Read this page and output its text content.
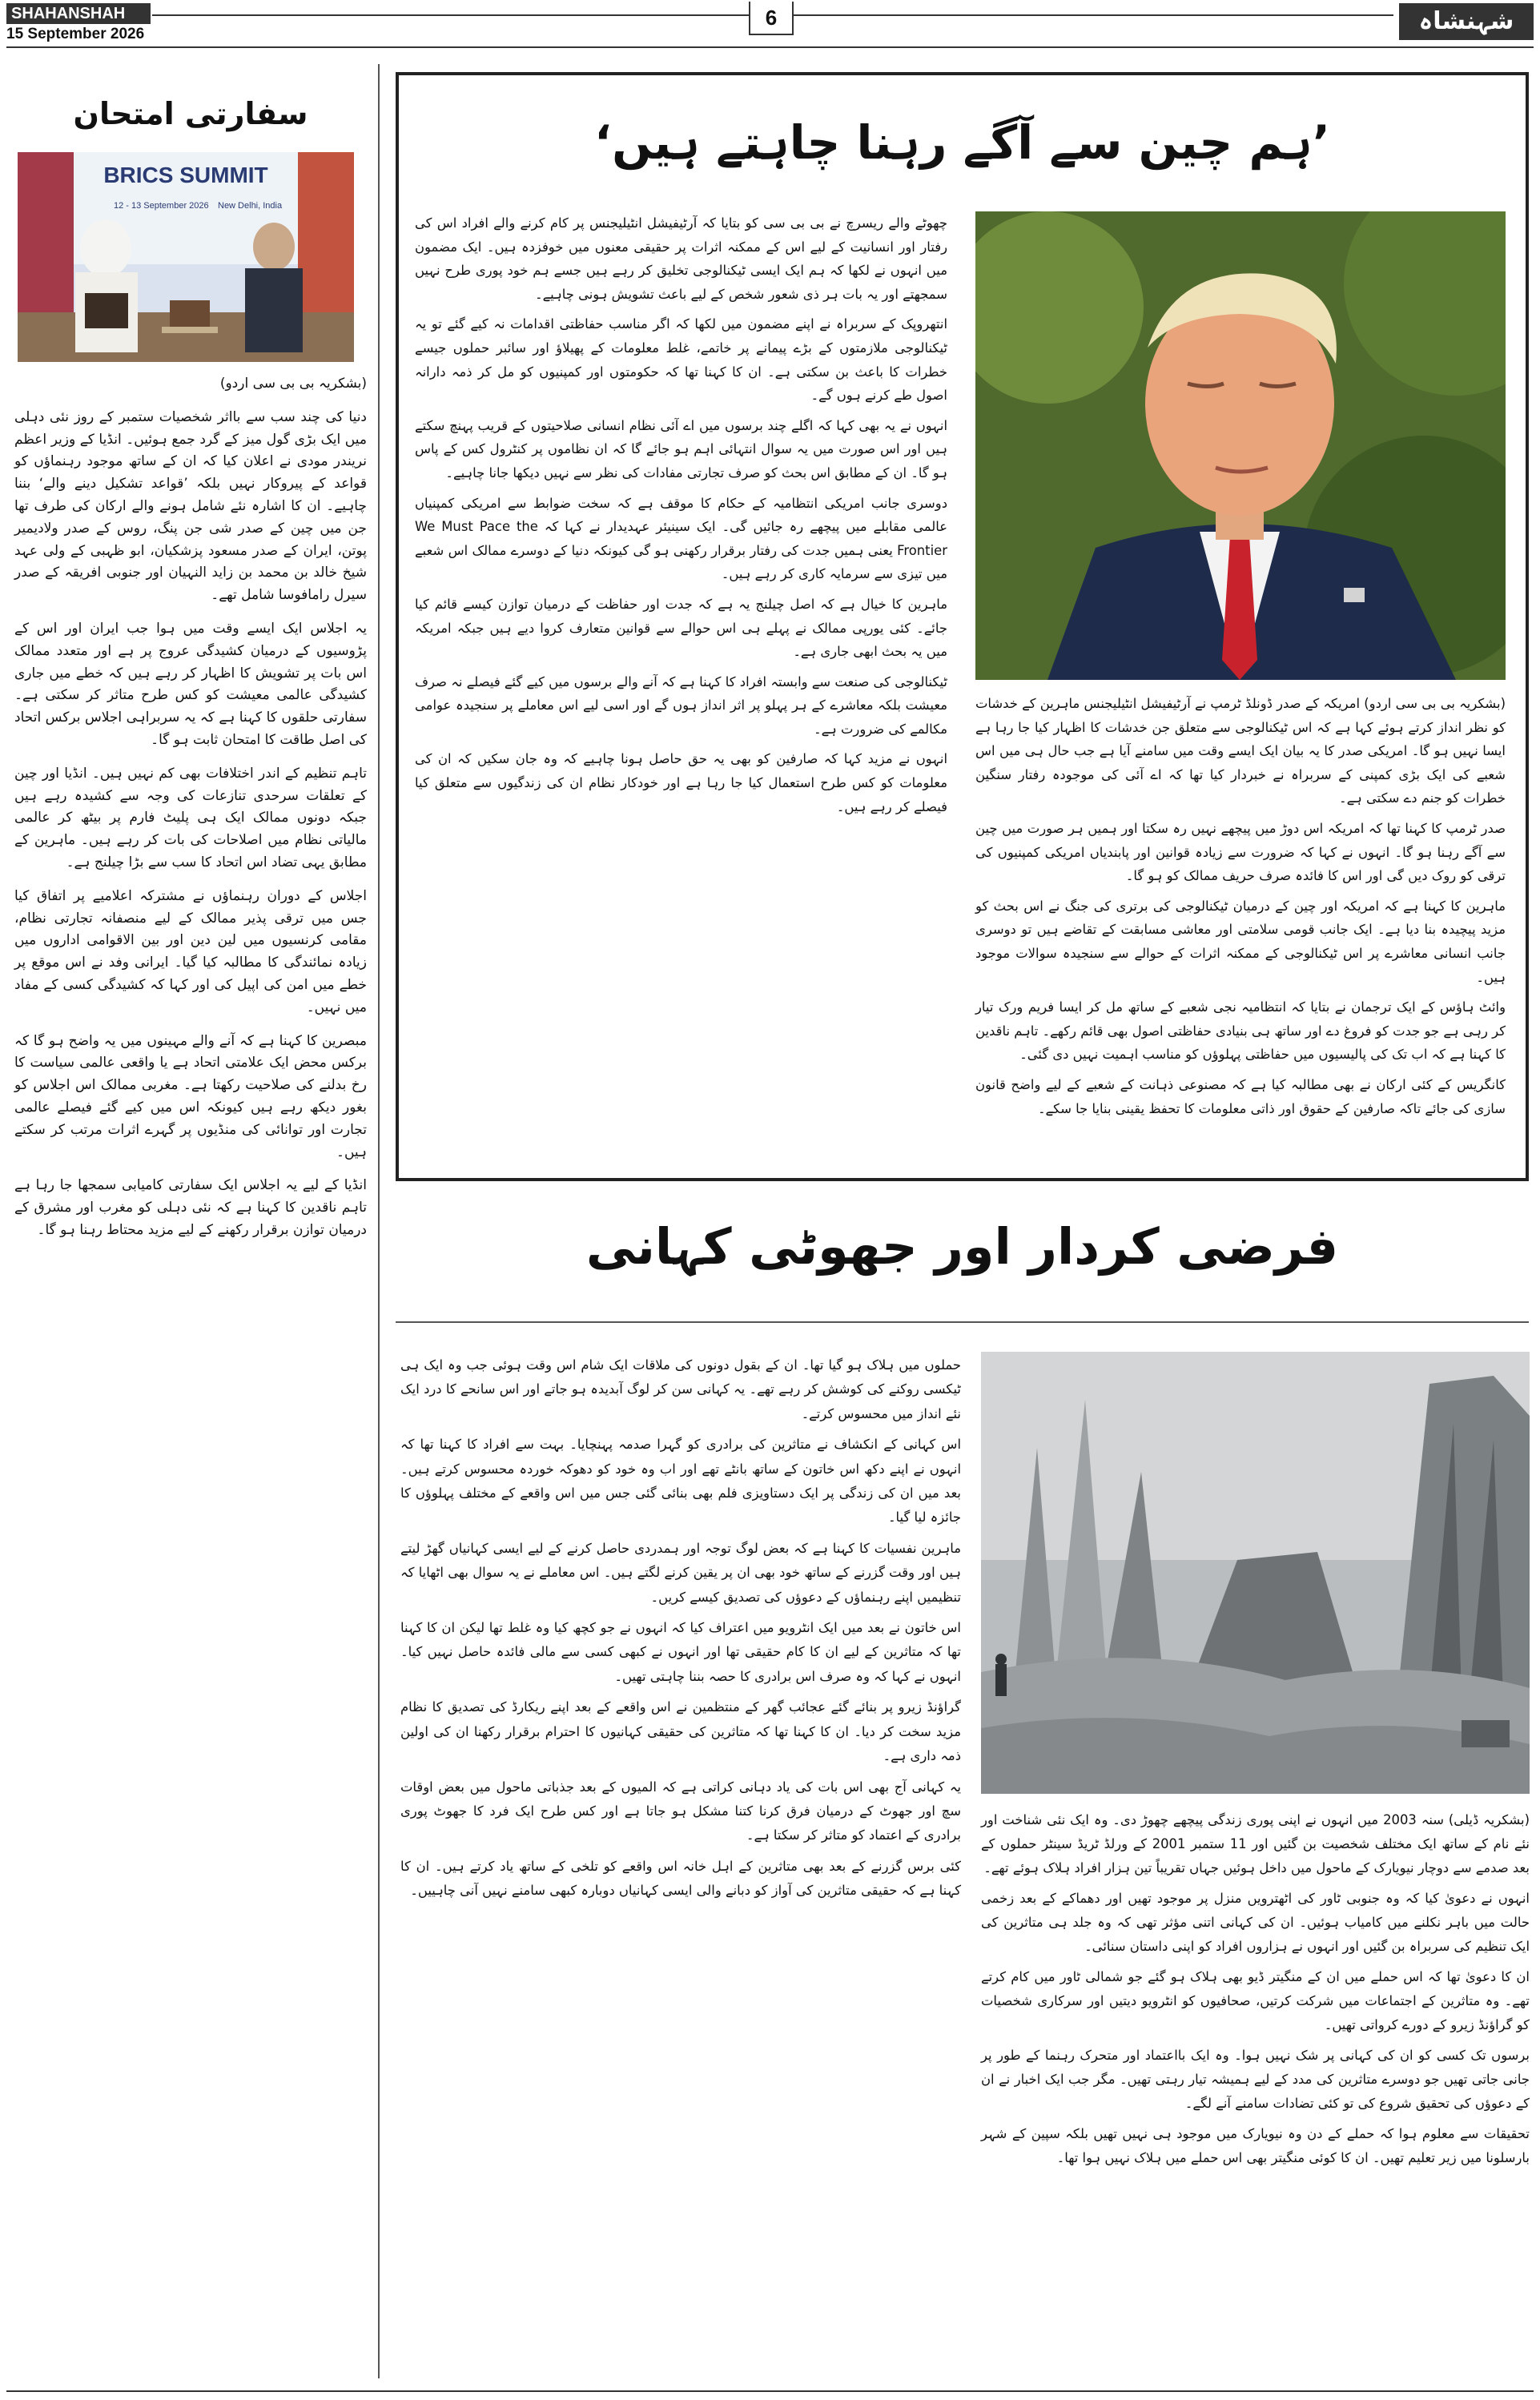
SHAHANSHAH
15 September 2026
6	شہنشاہ
سفارتی امتحان
BRICS SUMMIT
12 - 13 September 2026 New Delhi, India

(بشکریہ بی بی سی اردو)

دنیا کی چند سب سے بااثر شخصیات ستمبر کے روز نئی دہلی میں ایک بڑی گول میز کے گرد جمع ہوئیں۔ انڈیا کے وزیر اعظم نریندر مودی نے اعلان کیا کہ ان کے ساتھ موجود رہنماؤں کو قواعد کے پیروکار نہیں بلکہ ’قواعد تشکیل دینے والے‘ بننا چاہیے۔ ان کا اشارہ نئے شامل ہونے والے ارکان کی طرف تھا جن میں چین کے صدر شی جن پنگ، روس کے صدر ولادیمیر پوتن، ایران کے صدر مسعود پزشکیان، ابو ظہبی کے ولی عہد شیخ خالد بن محمد بن زاید النہیان اور جنوبی افریقہ کے صدر سیرل رامافوسا شامل تھے۔

یہ اجلاس ایک ایسے وقت میں ہوا جب ایران اور اس کے پڑوسیوں کے درمیان کشیدگی عروج پر ہے اور متعدد ممالک اس بات پر تشویش کا اظہار کر رہے ہیں کہ خطے میں جاری کشیدگی عالمی معیشت کو کس طرح متاثر کر سکتی ہے۔ سفارتی حلقوں کا کہنا ہے کہ یہ سربراہی اجلاس برکس اتحاد کی اصل طاقت کا امتحان ثابت ہو گا۔

تاہم تنظیم کے اندر اختلافات بھی کم نہیں ہیں۔ انڈیا اور چین کے تعلقات سرحدی تنازعات کی وجہ سے کشیدہ رہے ہیں جبکہ دونوں ممالک ایک ہی پلیٹ فارم پر بیٹھ کر عالمی مالیاتی نظام میں اصلاحات کی بات کر رہے ہیں۔ ماہرین کے مطابق یہی تضاد اس اتحاد کا سب سے بڑا چیلنج ہے۔

اجلاس کے دوران رہنماؤں نے مشترکہ اعلامیے پر اتفاق کیا جس میں ترقی پذیر ممالک کے لیے منصفانہ تجارتی نظام، مقامی کرنسیوں میں لین دین اور بین الاقوامی اداروں میں زیادہ نمائندگی کا مطالبہ کیا گیا۔ ایرانی وفد نے اس موقع پر خطے میں امن کی اپیل کی اور کہا کہ کشیدگی کسی کے مفاد میں نہیں۔

مبصرین کا کہنا ہے کہ آنے والے مہینوں میں یہ واضح ہو گا کہ برکس محض ایک علامتی اتحاد ہے یا واقعی عالمی سیاست کا رخ بدلنے کی صلاحیت رکھتا ہے۔ مغربی ممالک اس اجلاس کو بغور دیکھ رہے ہیں کیونکہ اس میں کیے گئے فیصلے عالمی تجارت اور توانائی کی منڈیوں پر گہرے اثرات مرتب کر سکتے ہیں۔

انڈیا کے لیے یہ اجلاس ایک سفارتی کامیابی سمجھا جا رہا ہے تاہم ناقدین کا کہنا ہے کہ نئی دہلی کو مغرب اور مشرق کے درمیان توازن برقرار رکھنے کے لیے مزید محتاط رہنا ہو گا۔

’ہم چین سے آگے رہنا چاہتے ہیں‘

(بشکریہ بی بی سی اردو) امریکہ کے صدر ڈونلڈ ٹرمپ نے آرٹیفیشل انٹیلیجنس ماہرین کے خدشات کو نظر انداز کرتے ہوئے کہا ہے کہ اس ٹیکنالوجی سے متعلق جن خدشات کا اظہار کیا جا رہا ہے ایسا نہیں ہو گا۔ امریکی صدر کا یہ بیان ایک ایسے وقت میں سامنے آیا ہے جب حال ہی میں اس شعبے کی ایک بڑی کمپنی کے سربراہ نے خبردار کیا تھا کہ اے آئی کی موجودہ رفتار سنگین خطرات کو جنم دے سکتی ہے۔

صدر ٹرمپ کا کہنا تھا کہ امریکہ اس دوڑ میں پیچھے نہیں رہ سکتا اور ہمیں ہر صورت میں چین سے آگے رہنا ہو گا۔ انہوں نے کہا کہ ضرورت سے زیادہ قوانین اور پابندیاں امریکی کمپنیوں کی ترقی کو روک دیں گی اور اس کا فائدہ صرف حریف ممالک کو ہو گا۔

ماہرین کا کہنا ہے کہ امریکہ اور چین کے درمیان ٹیکنالوجی کی برتری کی جنگ نے اس بحث کو مزید پیچیدہ بنا دیا ہے۔ ایک جانب قومی سلامتی اور معاشی مسابقت کے تقاضے ہیں تو دوسری جانب انسانی معاشرے پر اس ٹیکنالوجی کے ممکنہ اثرات کے حوالے سے سنجیدہ سوالات موجود ہیں۔

وائٹ ہاؤس کے ایک ترجمان نے بتایا کہ انتظامیہ نجی شعبے کے ساتھ مل کر ایسا فریم ورک تیار کر رہی ہے جو جدت کو فروغ دے اور ساتھ ہی بنیادی حفاظتی اصول بھی قائم رکھے۔ تاہم ناقدین کا کہنا ہے کہ اب تک کی پالیسیوں میں حفاظتی پہلوؤں کو مناسب اہمیت نہیں دی گئی۔

کانگریس کے کئی ارکان نے بھی مطالبہ کیا ہے کہ مصنوعی ذہانت کے شعبے کے لیے واضح قانون سازی کی جائے تاکہ صارفین کے حقوق اور ذاتی معلومات کا تحفظ یقینی بنایا جا سکے۔

چھوٹے والے ریسرچ نے بی بی سی کو بتایا کہ آرٹیفیشل انٹیلیجنس پر کام کرنے والے افراد اس کی رفتار اور انسانیت کے لیے اس کے ممکنہ اثرات پر حقیقی معنوں میں خوفزدہ ہیں۔ ایک مضمون میں انہوں نے لکھا کہ ہم ایک ایسی ٹیکنالوجی تخلیق کر رہے ہیں جسے ہم خود پوری طرح نہیں سمجھتے اور یہ بات ہر ذی شعور شخص کے لیے باعث تشویش ہونی چاہیے۔

انتھروپک کے سربراہ نے اپنے مضمون میں لکھا کہ اگر مناسب حفاظتی اقدامات نہ کیے گئے تو یہ ٹیکنالوجی ملازمتوں کے بڑے پیمانے پر خاتمے، غلط معلومات کے پھیلاؤ اور سائبر حملوں جیسے خطرات کا باعث بن سکتی ہے۔ ان کا کہنا تھا کہ حکومتوں اور کمپنیوں کو مل کر ذمہ دارانہ اصول طے کرنے ہوں گے۔

انہوں نے یہ بھی کہا کہ اگلے چند برسوں میں اے آئی نظام انسانی صلاحیتوں کے قریب پہنچ سکتے ہیں اور اس صورت میں یہ سوال انتہائی اہم ہو جائے گا کہ ان نظاموں پر کنٹرول کس کے پاس ہو گا۔ ان کے مطابق اس بحث کو صرف تجارتی مفادات کی نظر سے نہیں دیکھا جانا چاہیے۔

دوسری جانب امریکی انتظامیہ کے حکام کا موقف ہے کہ سخت ضوابط سے امریکی کمپنیاں عالمی مقابلے میں پیچھے رہ جائیں گی۔ ایک سینیئر عہدیدار نے کہا کہ We Must Pace the Frontier یعنی ہمیں جدت کی رفتار برقرار رکھنی ہو گی کیونکہ دنیا کے دوسرے ممالک اس شعبے میں تیزی سے سرمایہ کاری کر رہے ہیں۔

ماہرین کا خیال ہے کہ اصل چیلنج یہ ہے کہ جدت اور حفاظت کے درمیان توازن کیسے قائم کیا جائے۔ کئی یورپی ممالک نے پہلے ہی اس حوالے سے قوانین متعارف کروا دیے ہیں جبکہ امریکہ میں یہ بحث ابھی جاری ہے۔

ٹیکنالوجی کی صنعت سے وابستہ افراد کا کہنا ہے کہ آنے والے برسوں میں کیے گئے فیصلے نہ صرف معیشت بلکہ معاشرے کے ہر پہلو پر اثر انداز ہوں گے اور اسی لیے اس معاملے پر سنجیدہ عوامی مکالمے کی ضرورت ہے۔

انہوں نے مزید کہا کہ صارفین کو بھی یہ حق حاصل ہونا چاہیے کہ وہ جان سکیں کہ ان کی معلومات کو کس طرح استعمال کیا جا رہا ہے اور خودکار نظام ان کی زندگیوں سے متعلق کیا فیصلے کر رہے ہیں۔

فرضی کردار اور جھوٹی کہانی

(بشکریہ ڈیلی) سنہ 2003 میں انہوں نے اپنی پوری زندگی پیچھے چھوڑ دی۔ وہ ایک نئی شناخت اور نئے نام کے ساتھ ایک مختلف شخصیت بن گئیں اور 11 ستمبر 2001 کے ورلڈ ٹریڈ سینٹر حملوں کے بعد صدمے سے دوچار نیویارک کے ماحول میں داخل ہوئیں جہاں تقریباً تین ہزار افراد ہلاک ہوئے تھے۔

انہوں نے دعویٰ کیا کہ وہ جنوبی ٹاور کی اٹھترویں منزل پر موجود تھیں اور دھماکے کے بعد زخمی حالت میں باہر نکلنے میں کامیاب ہوئیں۔ ان کی کہانی اتنی مؤثر تھی کہ وہ جلد ہی متاثرین کی ایک تنظیم کی سربراہ بن گئیں اور انہوں نے ہزاروں افراد کو اپنی داستان سنائی۔

ان کا دعویٰ تھا کہ اس حملے میں ان کے منگیتر ڈیو بھی ہلاک ہو گئے جو شمالی ٹاور میں کام کرتے تھے۔ وہ متاثرین کے اجتماعات میں شرکت کرتیں، صحافیوں کو انٹرویو دیتیں اور سرکاری شخصیات کو گراؤنڈ زیرو کے دورے کرواتی تھیں۔

برسوں تک کسی کو ان کی کہانی پر شک نہیں ہوا۔ وہ ایک بااعتماد اور متحرک رہنما کے طور پر جانی جاتی تھیں جو دوسرے متاثرین کی مدد کے لیے ہمیشہ تیار رہتی تھیں۔ مگر جب ایک اخبار نے ان کے دعوؤں کی تحقیق شروع کی تو کئی تضادات سامنے آنے لگے۔

تحقیقات سے معلوم ہوا کہ حملے کے دن وہ نیویارک میں موجود ہی نہیں تھیں بلکہ سپین کے شہر بارسلونا میں زیر تعلیم تھیں۔ ان کا کوئی منگیتر بھی اس حملے میں ہلاک نہیں ہوا تھا۔

حملوں میں ہلاک ہو گیا تھا۔ ان کے بقول دونوں کی ملاقات ایک شام اس وقت ہوئی جب وہ ایک ہی ٹیکسی روکنے کی کوشش کر رہے تھے۔ یہ کہانی سن کر لوگ آبدیدہ ہو جاتے اور اس سانحے کا درد ایک نئے انداز میں محسوس کرتے۔

اس کہانی کے انکشاف نے متاثرین کی برادری کو گہرا صدمہ پہنچایا۔ بہت سے افراد کا کہنا تھا کہ انہوں نے اپنے دکھ اس خاتون کے ساتھ بانٹے تھے اور اب وہ خود کو دھوکہ خوردہ محسوس کرتے ہیں۔ بعد میں ان کی زندگی پر ایک دستاویزی فلم بھی بنائی گئی جس میں اس واقعے کے مختلف پہلوؤں کا جائزہ لیا گیا۔

ماہرین نفسیات کا کہنا ہے کہ بعض لوگ توجہ اور ہمدردی حاصل کرنے کے لیے ایسی کہانیاں گھڑ لیتے ہیں اور وقت گزرنے کے ساتھ خود بھی ان پر یقین کرنے لگتے ہیں۔ اس معاملے نے یہ سوال بھی اٹھایا کہ تنظیمیں اپنے رہنماؤں کے دعوؤں کی تصدیق کیسے کریں۔

اس خاتون نے بعد میں ایک انٹرویو میں اعتراف کیا کہ انہوں نے جو کچھ کیا وہ غلط تھا لیکن ان کا کہنا تھا کہ متاثرین کے لیے ان کا کام حقیقی تھا اور انہوں نے کبھی کسی سے مالی فائدہ حاصل نہیں کیا۔ انہوں نے کہا کہ وہ صرف اس برادری کا حصہ بننا چاہتی تھیں۔

گراؤنڈ زیرو پر بنائے گئے عجائب گھر کے منتظمین نے اس واقعے کے بعد اپنے ریکارڈ کی تصدیق کا نظام مزید سخت کر دیا۔ ان کا کہنا تھا کہ متاثرین کی حقیقی کہانیوں کا احترام برقرار رکھنا ان کی اولین ذمہ داری ہے۔

یہ کہانی آج بھی اس بات کی یاد دہانی کراتی ہے کہ المیوں کے بعد جذباتی ماحول میں بعض اوقات سچ اور جھوٹ کے درمیان فرق کرنا کتنا مشکل ہو جاتا ہے اور کس طرح ایک فرد کا جھوٹ پوری برادری کے اعتماد کو متاثر کر سکتا ہے۔

کئی برس گزرنے کے بعد بھی متاثرین کے اہل خانہ اس واقعے کو تلخی کے ساتھ یاد کرتے ہیں۔ ان کا کہنا ہے کہ حقیقی متاثرین کی آواز کو دبانے والی ایسی کہانیاں دوبارہ کبھی سامنے نہیں آنی چاہییں۔
